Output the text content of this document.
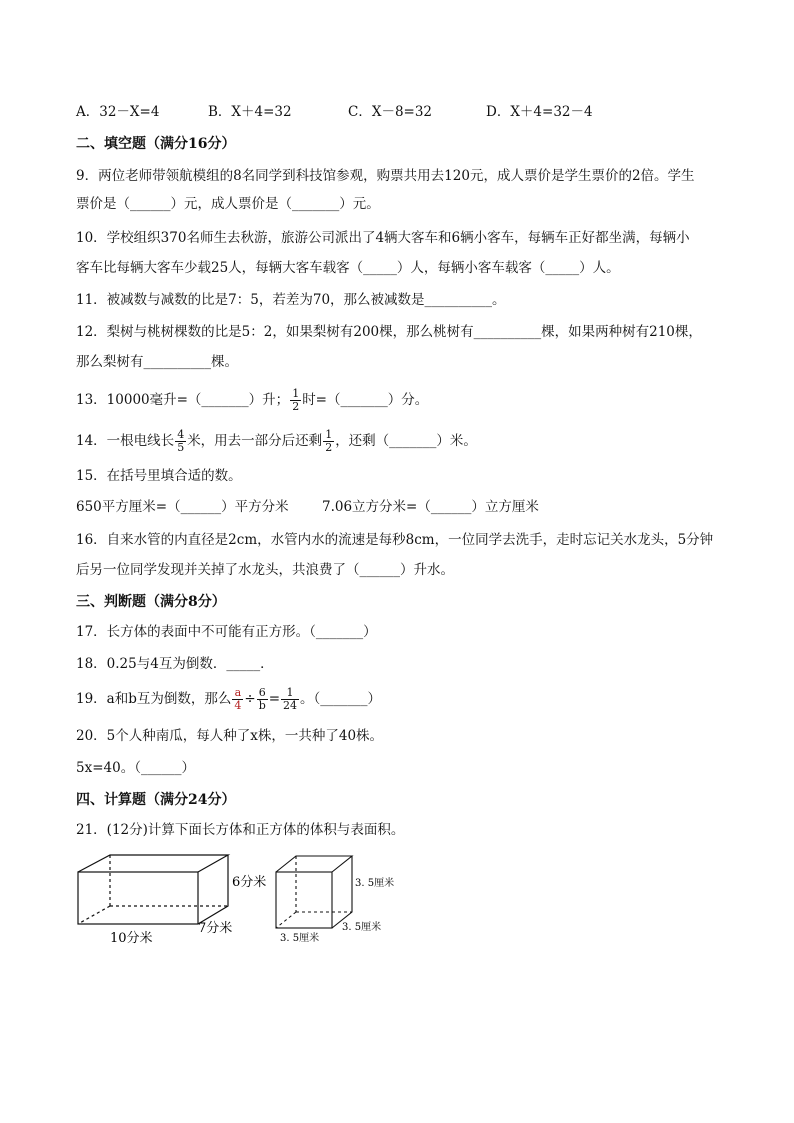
A．32－X=4	B．X＋4=32	C．X－8=32	D．X＋4=32－4
二、填空题（满分16分）
9．两位老师带领航模组的8名同学到科技馆参观，购票共用去120元，成人票价是学生票价的2倍。学生
票价是（______）元，成人票价是（_______）元。
10．学校组织370名师生去秋游，旅游公司派出了4辆大客车和6辆小客车，每辆车正好都坐满，每辆小
客车比每辆大客车少载25人，每辆大客车载客（_____）人，每辆小客车载客（_____）人。
11．被减数与减数的比是7：5，若差为70，那么被减数是__________。
12．梨树与桃树棵数的比是5：2，如果梨树有200棵，那么桃树有__________棵，如果两种树有210棵，
那么梨树有__________棵。
13．10000毫升=（_______）升； $\frac{1}{2}$ 时=（_______）分。
14．一根电线长 $\frac{4}{5}$ 米，用去一部分后还剩 $\frac{1}{2}$ ，还剩（_______）米。
15．在括号里填合适的数。
650平方厘米=（______）平方分米 7.06立方分米=（______）立方厘米
16．自来水管的内直径是2cm，水管内水的流速是每秒8cm，一位同学去洗手，走时忘记关水龙头，5分钟
后另一位同学发现并关掉了水龙头，共浪费了（______）升水。
三、判断题（满分8分）
17．长方体的表面中不可能有正方形。（_______）
18．0.25与4互为倒数．_____．
19．a和b互为倒数，那么 $\frac{a}{4} \div \frac{6}{b} = \frac{1}{24}$ 。（_______）
20．5个人种南瓜，每人种了x株，一共种了40株。
5x=40。（______）
四、计算题（满分24分）
21．(12分)计算下面长方体和正方体的体积与表面积。
6分米
7分米
10分米
3. 5厘米
3. 5厘米
3. 5厘米
